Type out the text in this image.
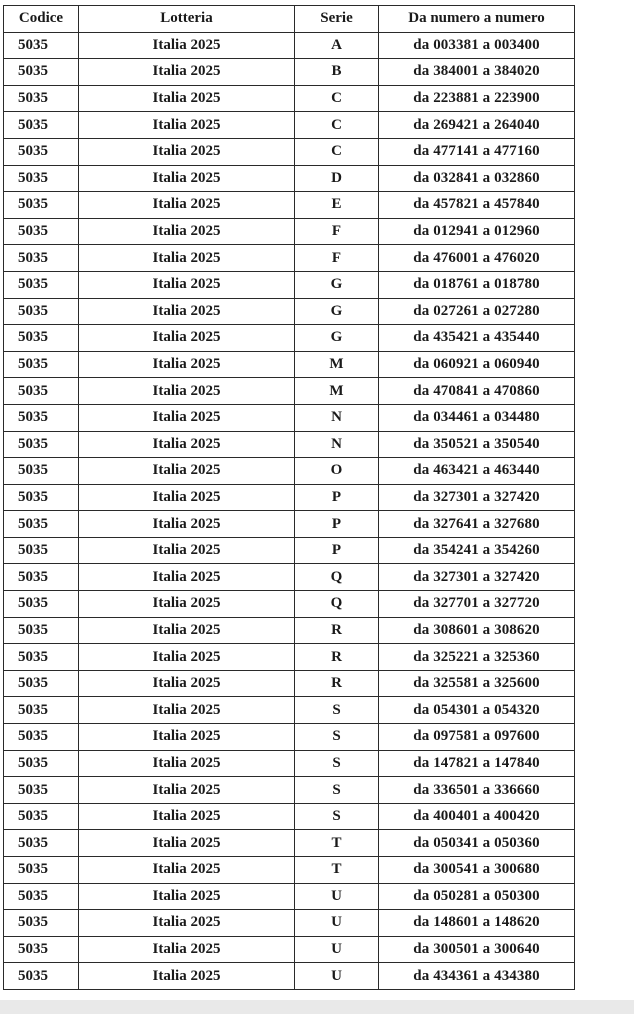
Codice	Lotteria	Serie	Da numero a numero
5035	Italia 2025	A	da 003381 a 003400
5035	Italia 2025	B	da 384001 a 384020
5035	Italia 2025	C	da 223881 a 223900
5035	Italia 2025	C	da 269421 a 264040
5035	Italia 2025	C	da 477141 a 477160
5035	Italia 2025	D	da 032841 a 032860
5035	Italia 2025	E	da 457821 a 457840
5035	Italia 2025	F	da 012941 a 012960
5035	Italia 2025	F	da 476001 a 476020
5035	Italia 2025	G	da 018761 a 018780
5035	Italia 2025	G	da 027261 a 027280
5035	Italia 2025	G	da 435421 a 435440
5035	Italia 2025	M	da 060921 a 060940
5035	Italia 2025	M	da 470841 a 470860
5035	Italia 2025	N	da 034461 a 034480
5035	Italia 2025	N	da 350521 a 350540
5035	Italia 2025	O	da 463421 a 463440
5035	Italia 2025	P	da 327301 a 327420
5035	Italia 2025	P	da 327641 a 327680
5035	Italia 2025	P	da 354241 a 354260
5035	Italia 2025	Q	da 327301 a 327420
5035	Italia 2025	Q	da 327701 a 327720
5035	Italia 2025	R	da 308601 a 308620
5035	Italia 2025	R	da 325221 a 325360
5035	Italia 2025	R	da 325581 a 325600
5035	Italia 2025	S	da 054301 a 054320
5035	Italia 2025	S	da 097581 a 097600
5035	Italia 2025	S	da 147821 a 147840
5035	Italia 2025	S	da 336501 a 336660
5035	Italia 2025	S	da 400401 a 400420
5035	Italia 2025	T	da 050341 a 050360
5035	Italia 2025	T	da 300541 a 300680
5035	Italia 2025	U	da 050281 a 050300
5035	Italia 2025	U	da 148601 a 148620
5035	Italia 2025	U	da 300501 a 300640
5035	Italia 2025	U	da 434361 a 434380
